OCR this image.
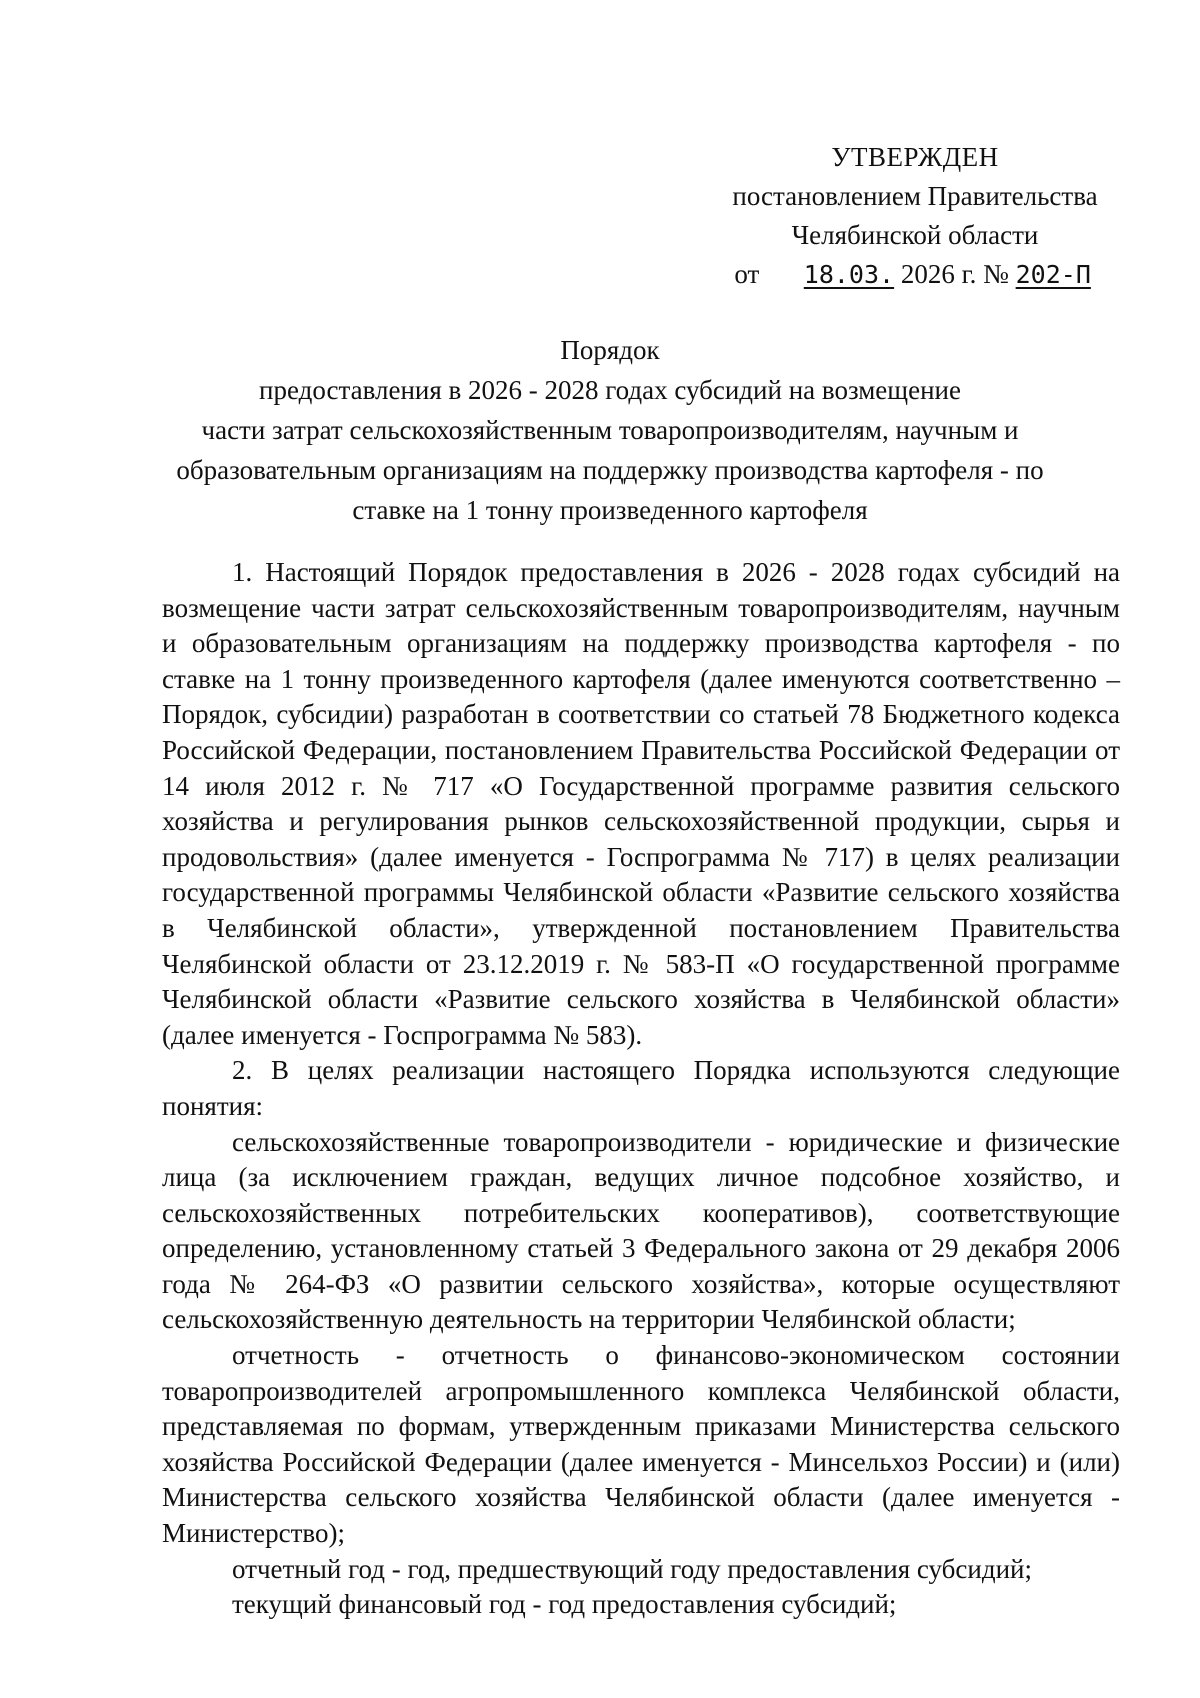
УТВЕРЖДЕН
постановлением Правительства
Челябинской области
от 18.03. 2026 г. № 202-П
Порядок
предоставления в 2026 - 2028 годах субсидий на возмещение
части затрат сельскохозяйственным товаропроизводителям, научным и
образовательным организациям на поддержку производства картофеля - по
ставке на 1 тонну произведенного картофеля

1. Настоящий Порядок предоставления в 2026 - 2028 годах субсидий на возмещение части затрат сельскохозяйственным товаропроизводителям, научным и образовательным организациям на поддержку производства картофеля - по ставке на 1 тонну произведенного картофеля (далее именуются соответственно – Порядок, субсидии) разработан в соответствии со статьей 78 Бюджетного кодекса Российской Федерации, постановлением Правительства Российской Федерации от 14 июля 2012 г. № 717 «О Государственной программе развития сельского хозяйства и регулирования рынков сельскохозяйственной продукции, сырья и продовольствия» (далее именуется - Госпрограмма № 717) в целях реализации государственной программы Челябинской области «Развитие сельского хозяйства в Челябинской области», утвержденной постановлением Правительства Челябинской области от 23.12.2019 г. № 583-П «О государственной программе Челябинской области «Развитие сельского хозяйства в Челябинской области» (далее именуется - Госпрограмма № 583).

2. В целях реализации настоящего Порядка используются следующие понятия:

сельскохозяйственные товаропроизводители - юридические и физические лица (за исключением граждан, ведущих личное подсобное хозяйство, и сельскохозяйственных потребительских кооперативов), соответствующие определению, установленному статьей 3 Федерального закона от 29 декабря 2006 года № 264-ФЗ «О развитии сельского хозяйства», которые осуществляют сельскохозяйственную деятельность на территории Челябинской области;

отчетность - отчетность о финансово-экономическом состоянии товаропроизводителей агропромышленного комплекса Челябинской области, представляемая по формам, утвержденным приказами Министерства сельского хозяйства Российской Федерации (далее именуется - Минсельхоз России) и (или) Министерства сельского хозяйства Челябинской области (далее именуется - Министерство);

отчетный год - год, предшествующий году предоставления субсидий;

текущий финансовый год - год предоставления субсидий;
